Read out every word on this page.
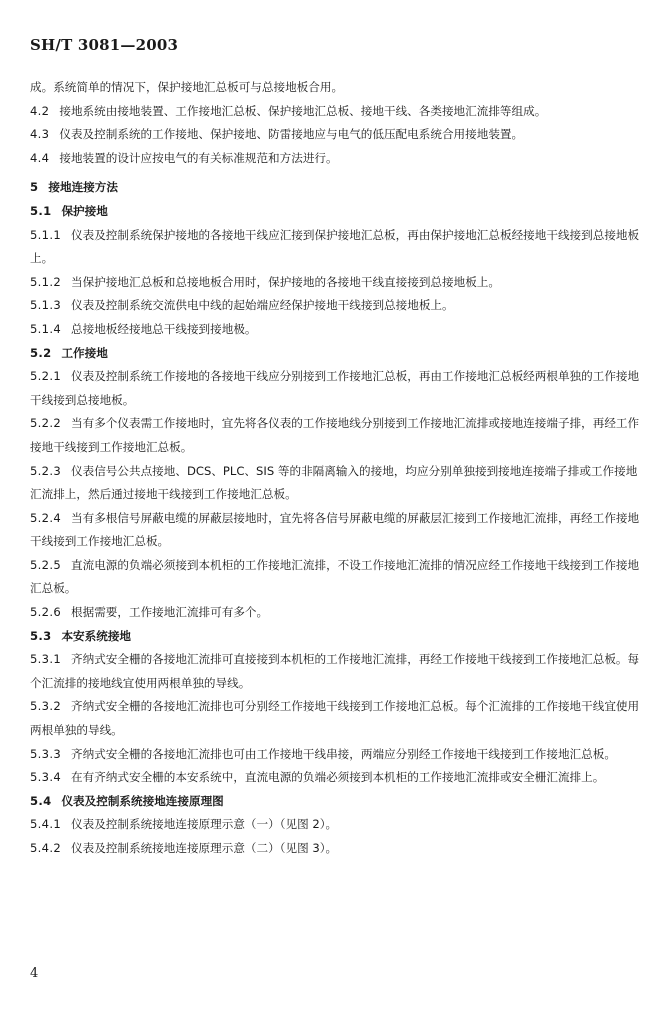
SH/T 3081—2003

成。系统简单的情况下，保护接地汇总板可与总接地板合用。

4.2 接地系统由接地装置、工作接地汇总板、保护接地汇总板、接地干线、各类接地汇流排等组成。

4.3 仪表及控制系统的工作接地、保护接地、防雷接地应与电气的低压配电系统合用接地装置。

4.4 接地装置的设计应按电气的有关标准规范和方法进行。

5 接地连接方法

5.1 保护接地

5.1.1 仪表及控制系统保护接地的各接地干线应汇接到保护接地汇总板，再由保护接地汇总板经接地干线接到总接地板上。

5.1.2 当保护接地汇总板和总接地板合用时，保护接地的各接地干线直接接到总接地板上。

5.1.3 仪表及控制系统交流供电中线的起始端应经保护接地干线接到总接地板上。

5.1.4 总接地板经接地总干线接到接地极。

5.2 工作接地

5.2.1 仪表及控制系统工作接地的各接地干线应分别接到工作接地汇总板，再由工作接地汇总板经两根单独的工作接地干线接到总接地板。

5.2.2 当有多个仪表需工作接地时，宜先将各仪表的工作接地线分别接到工作接地汇流排或接地连接端子排，再经工作接地干线接到工作接地汇总板。

5.2.3 仪表信号公共点接地、DCS、PLC、SIS 等的非隔离输入的接地，均应分别单独接到接地连接端子排或工作接地汇流排上，然后通过接地干线接到工作接地汇总板。

5.2.4 当有多根信号屏蔽电缆的屏蔽层接地时，宜先将各信号屏蔽电缆的屏蔽层汇接到工作接地汇流排，再经工作接地干线接到工作接地汇总板。

5.2.5 直流电源的负端必须接到本机柜的工作接地汇流排，不设工作接地汇流排的情况应经工作接地干线接到工作接地汇总板。

5.2.6 根据需要，工作接地汇流排可有多个。

5.3 本安系统接地

5.3.1 齐纳式安全栅的各接地汇流排可直接接到本机柜的工作接地汇流排，再经工作接地干线接到工作接地汇总板。每个汇流排的接地线宜使用两根单独的导线。

5.3.2 齐纳式安全栅的各接地汇流排也可分别经工作接地干线接到工作接地汇总板。每个汇流排的工作接地干线宜使用两根单独的导线。

5.3.3 齐纳式安全栅的各接地汇流排也可由工作接地干线串接，两端应分别经工作接地干线接到工作接地汇总板。

5.3.4 在有齐纳式安全栅的本安系统中，直流电源的负端必须接到本机柜的工作接地汇流排或安全栅汇流排上。

5.4 仪表及控制系统接地连接原理图

5.4.1 仪表及控制系统接地连接原理示意（一）（见图 2）。

5.4.2 仪表及控制系统接地连接原理示意（二）（见图 3）。

4
